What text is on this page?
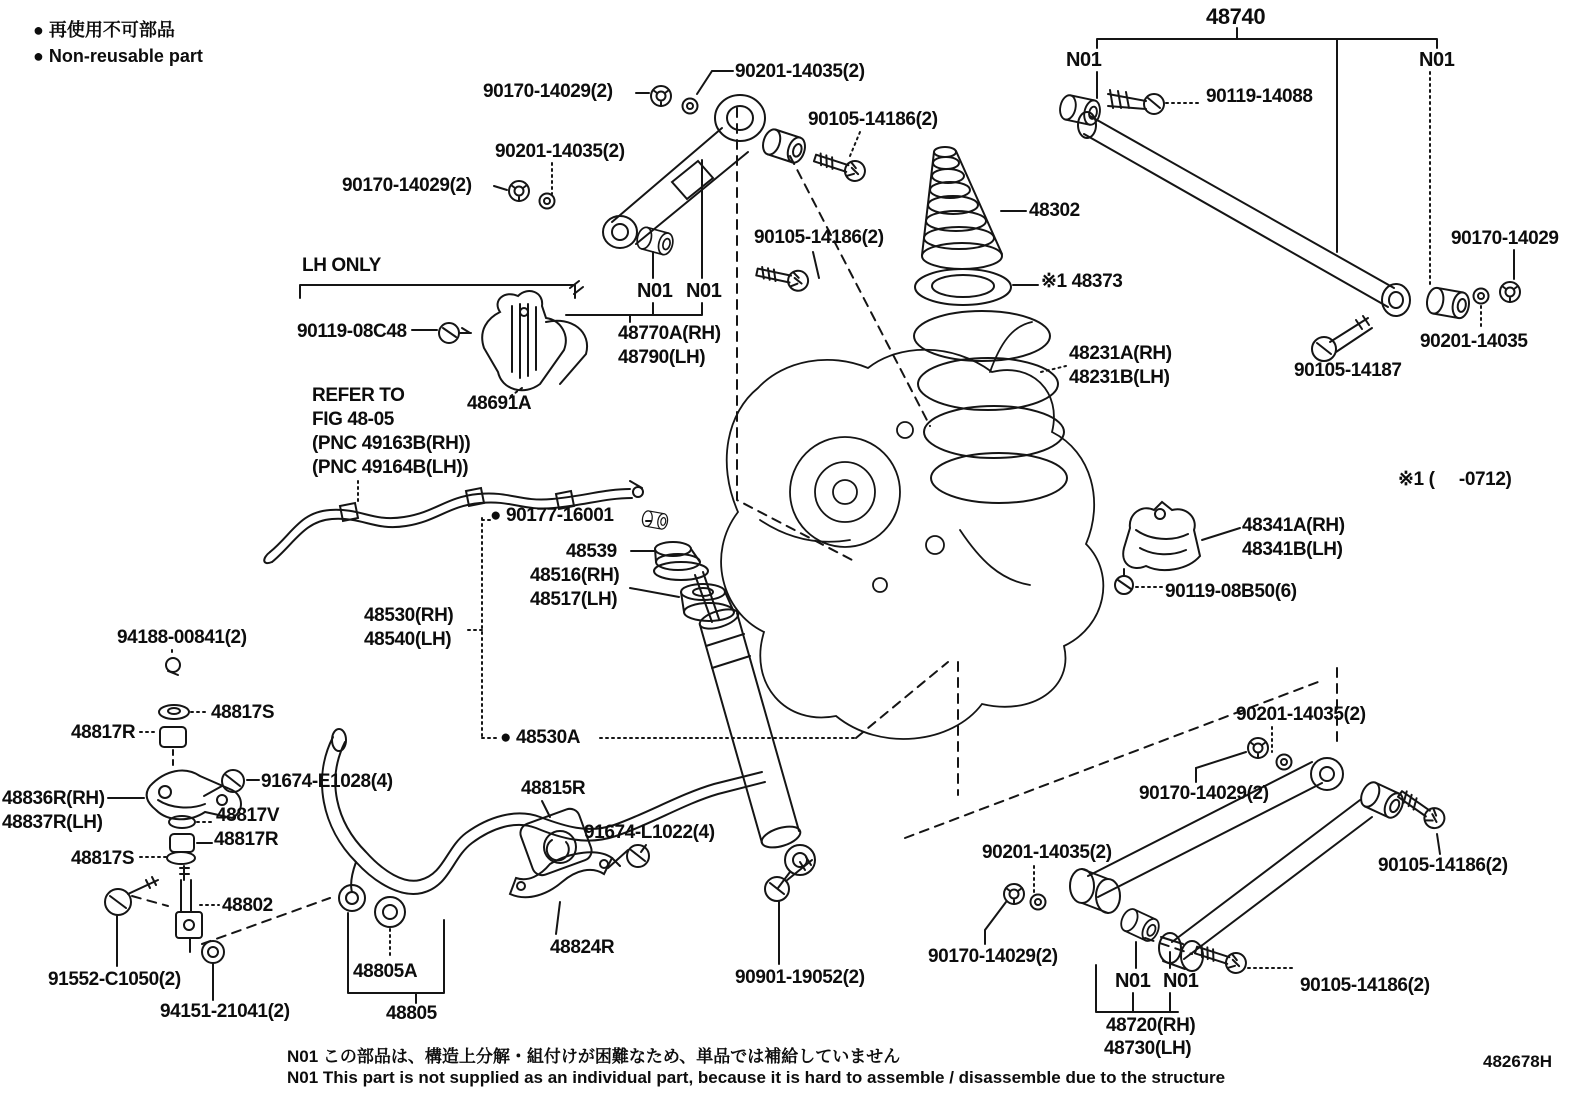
● 再使用不可部品
● Non-reusable part
90170-14029(2)
90201-14035(2)
90201-14035(2)
90170-14029(2)
90105-14186(2)
48740
N01	N01
90119-14088
90170-14029
90201-14035
90105-14187
90105-14186(2)
48302
※1 48373
48231A(RH)
48231B(LH)
LH ONLY
90119-08C48
48691A
REFER TO
FIG 48-05
(PNC 49163B(RH))
(PNC 49164B(LH))
N01 N01
48770A(RH)
48790(LH)
● 90177-16001
48539
48516(RH)
48517(LH)
48530(RH)
48540(LH)
48341A(RH)
48341B(LH)
90119-08B50(6)
※1 (     -0712)
94188-00841(2)
48817S
48817R
48836R(RH)
48837R(LH)
91674-E1028(4)
48817V
48817R
48817S
48802
91552-C1050(2)
94151-21041(2)
48805A
48805
● 48530A
48815R
91674-L1022(4)
48824R
90901-19052(2)
90201-14035(2)
90170-14029(2)
90201-14035(2)
90170-14029(2)
N01 N01
90105-14186(2)
90105-14186(2)
48720(RH)
48730(LH)
N01 この部品は、構造上分解・組付けが困難なため、単品では補給していません
N01 This part is not supplied as an individual part, because it is hard to assemble / disassemble due to the structure
482678H
